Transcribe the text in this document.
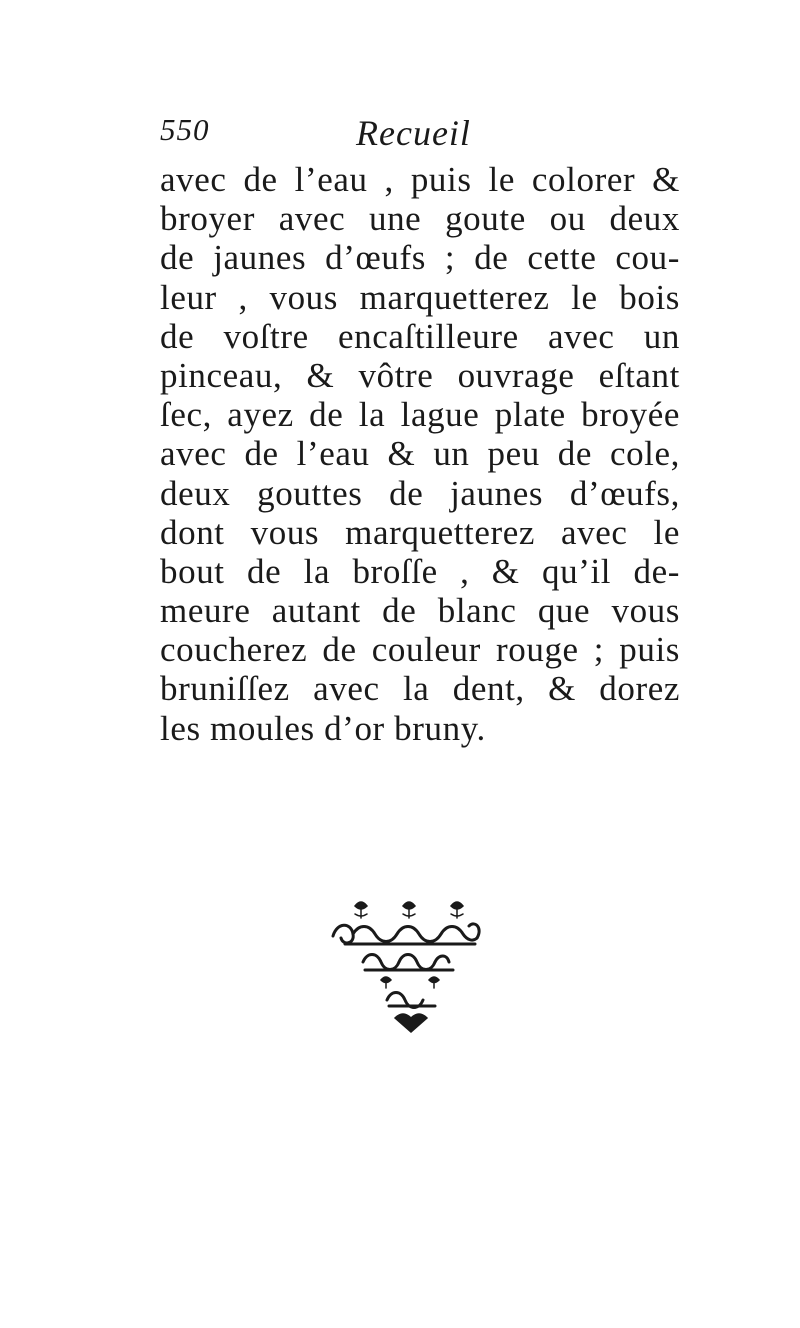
550	Recueil
avec de l’eau , puis le colorer &
broyer avec une goute ou deux
de jaunes d’œufs ; de cette cou-
leur , vous marquetterez le bois
de voſtre encaſtilleure avec un
pinceau, & vôtre ouvrage eſtant
ſec, ayez de la lague plate broyée
avec de l’eau & un peu de cole,
deux gouttes de jaunes d’œufs,
dont vous marquetterez avec le
bout de la broſſe , & qu’il de-
meure autant de blanc que vous
coucherez de couleur rouge ; puis
bruniſſez avec la dent, & dorez
les moules d’or bruny.
